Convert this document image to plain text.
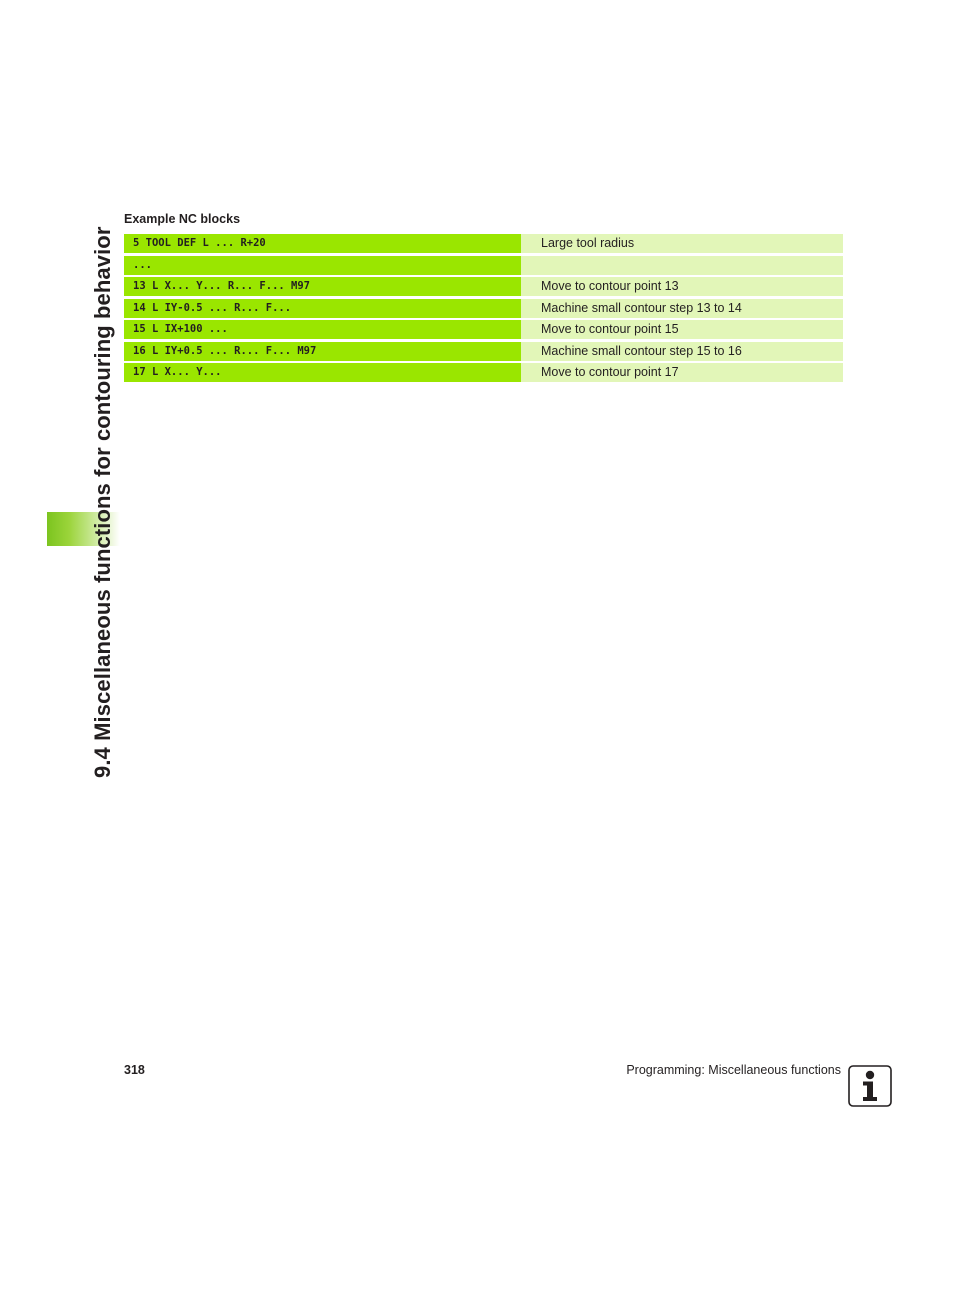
9.4 Miscellaneous functions for contouring behavior
Example NC blocks
5 TOOL DEF L ... R+20	Large tool radius
...
13 L X... Y... R... F... M97	Move to contour point 13
14 L IY-0.5 ... R... F...	Machine small contour step 13 to 14
15 L IX+100 ...	Move to contour point 15
16 L IY+0.5 ... R... F... M97	Machine small contour step 15 to 16
17 L X... Y...	Move to contour point 17
318	Programming: Miscellaneous functions
